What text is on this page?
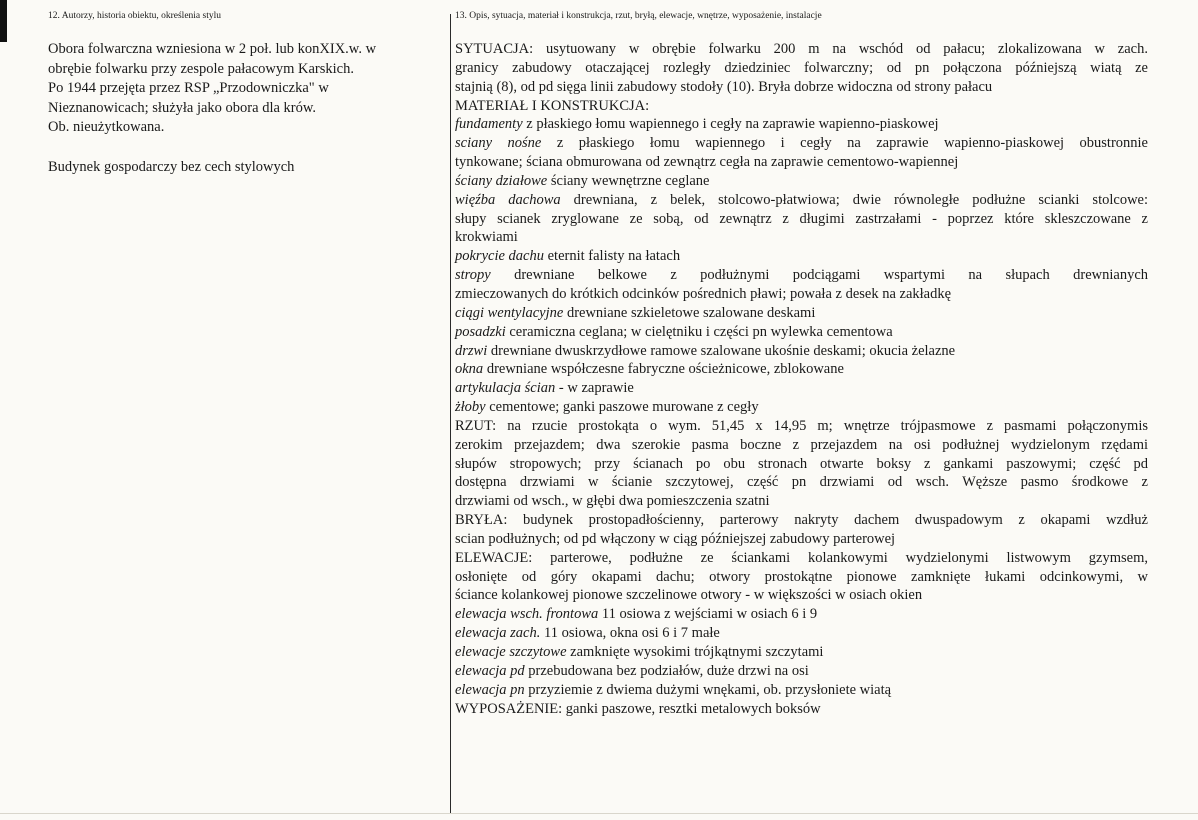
12. Autorzy, historia obiektu, określenia stylu
Obora folwarczna wzniesiona w 2 poł. lub konXIX.w. w
obrębie folwarku przy zespole pałacowym Karskich.
Po 1944 przejęta przez RSP „Przodowniczka" w
Nieznanowicach; służyła jako obora dla krów.
Ob. nieużytkowana.
Budynek gospodarczy bez cech stylowych
13. Opis, sytuacja, materiał i konstrukcja, rzut, bryłą, elewacje, wnętrze, wyposażenie, instalacje
SYTUACJA: usytuowany w obrębie folwarku 200 m na wschód od pałacu; zlokalizowana w zach.
granicy zabudowy otaczającej rozległy dziedziniec folwarczny; od pn połączona późniejszą wiatą ze
stajnią (8), od pd sięga linii zabudowy stodoły (10). Bryła dobrze widoczna od strony pałacu
MATERIAŁ I KONSTRUKCJA:
fundamenty z płaskiego łomu wapiennego i cegły na zaprawie wapienno-piaskowej
sciany nośne z płaskiego łomu wapiennego i cegły na zaprawie wapienno-piaskowej obustronnie
tynkowane; ściana obmurowana od zewnątrz cegła na zaprawie cementowo-wapiennej
ściany działowe ściany wewnętrzne ceglane
więźba dachowa drewniana, z belek, stolcowo-płatwiowa; dwie równoległe podłużne scianki stolcowe:
słupy scianek zryglowane ze sobą, od zewnątrz z długimi zastrzałami - poprzez które skleszczowane z
krokwiami
pokrycie dachu eternit falisty na łatach
stropy drewniane belkowe z podłużnymi podciągami wspartymi na słupach drewnianych
zmieczowanych do krótkich odcinków pośrednich pławi; powała z desek na zakładkę
ciągi wentylacyjne drewniane szkieletowe szalowane deskami
posadzki ceramiczna ceglana; w cielętniku i części pn wylewka cementowa
drzwi drewniane dwuskrzydłowe ramowe szalowane ukośnie deskami; okucia żelazne
okna drewniane współczesne fabryczne ościeżnicowe, zblokowane
artykulacja ścian - w zaprawie
żłoby cementowe; ganki paszowe murowane z cegły
RZUT: na rzucie prostokąta o wym. 51,45 x 14,95 m; wnętrze trójpasmowe z pasmami połączonymis
zerokim przejazdem; dwa szerokie pasma boczne z przejazdem na osi podłużnej wydzielonym rzędami
słupów stropowych; przy ścianach po obu stronach otwarte boksy z gankami paszowymi; część pd
dostępna drzwiami w ścianie szczytowej, część pn drzwiami od wsch. Węższe pasmo środkowe z
drzwiami od wsch., w głębi dwa pomieszczenia szatni
BRYŁA: budynek prostopadłościenny, parterowy nakryty dachem dwuspadowym z okapami wzdłuż
scian podłużnych; od pd włączony w ciąg późniejszej zabudowy parterowej
ELEWACJE: parterowe, podłużne ze ściankami kolankowymi wydzielonymi listwowym gzymsem,
osłonięte od góry okapami dachu; otwory prostokątne pionowe zamknięte łukami odcinkowymi, w
ściance kolankowej pionowe szczelinowe otwory - w większości w osiach okien
elewacja wsch. frontowa 11 osiowa z wejściami w osiach 6 i 9
elewacja zach. 11 osiowa, okna osi 6 i 7 małe
elewacje szczytowe zamknięte wysokimi trójkątnymi szczytami
elewacja pd przebudowana bez podziałów, duże drzwi na osi
elewacja pn przyziemie z dwiema dużymi wnękami, ob. przysłoniete wiatą
WYPOSAŻENIE: ganki paszowe, resztki metalowych boksów
